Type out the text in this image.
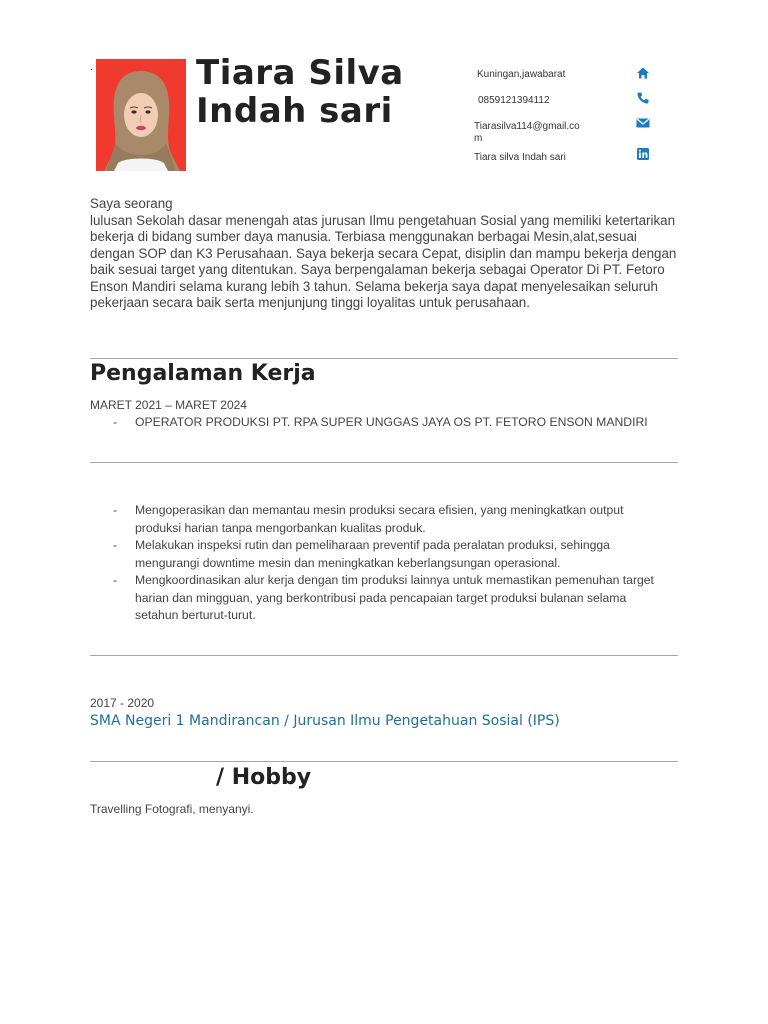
.	Tiara Silva Indah sari
Kuningan,jawabarat
0859121394112
Tiarasilva114@gmail.com
Tiara silva Indah sari
Saya seorang
lulusan Sekolah dasar menengah atas jurusan Ilmu pengetahuan Sosial yang memiliki ketertarikan bekerja di bidang sumber daya manusia. Terbiasa menggunakan berbagai Mesin,alat,sesuai dengan SOP dan K3 Perusahaan. Saya bekerja secara Cepat, disiplin dan mampu bekerja dengan baik sesuai target yang ditentukan. Saya berpengalaman bekerja sebagai Operator Di PT. Fetoro Enson Mandiri selama kurang lebih 3 tahun. Selama bekerja saya dapat menyelesaikan seluruh pekerjaan secara baik serta menjunjung tinggi loyalitas untuk perusahaan.
Pengalaman Kerja
MARET 2021 – MARET 2024
- OPERATOR PRODUKSI PT. RPA SUPER UNGGAS JAYA OS PT. FETORO ENSON MANDIRI
- Mengoperasikan dan memantau mesin produksi secara efisien, yang meningkatkan output produksi harian tanpa mengorbankan kualitas produk.
- Melakukan inspeksi rutin dan pemeliharaan preventif pada peralatan produksi, sehingga mengurangi downtime mesin dan meningkatkan keberlangsungan operasional.
- Mengkoordinasikan alur kerja dengan tim produksi lainnya untuk memastikan pemenuhan target harian dan mingguan, yang berkontribusi pada pencapaian target produksi bulanan selama setahun berturut-turut.
2017 - 2020
SMA Negeri 1 Mandirancan / Jurusan Ilmu Pengetahuan Sosial (IPS)
/ Hobby
Travelling Fotografi, menyanyi.
